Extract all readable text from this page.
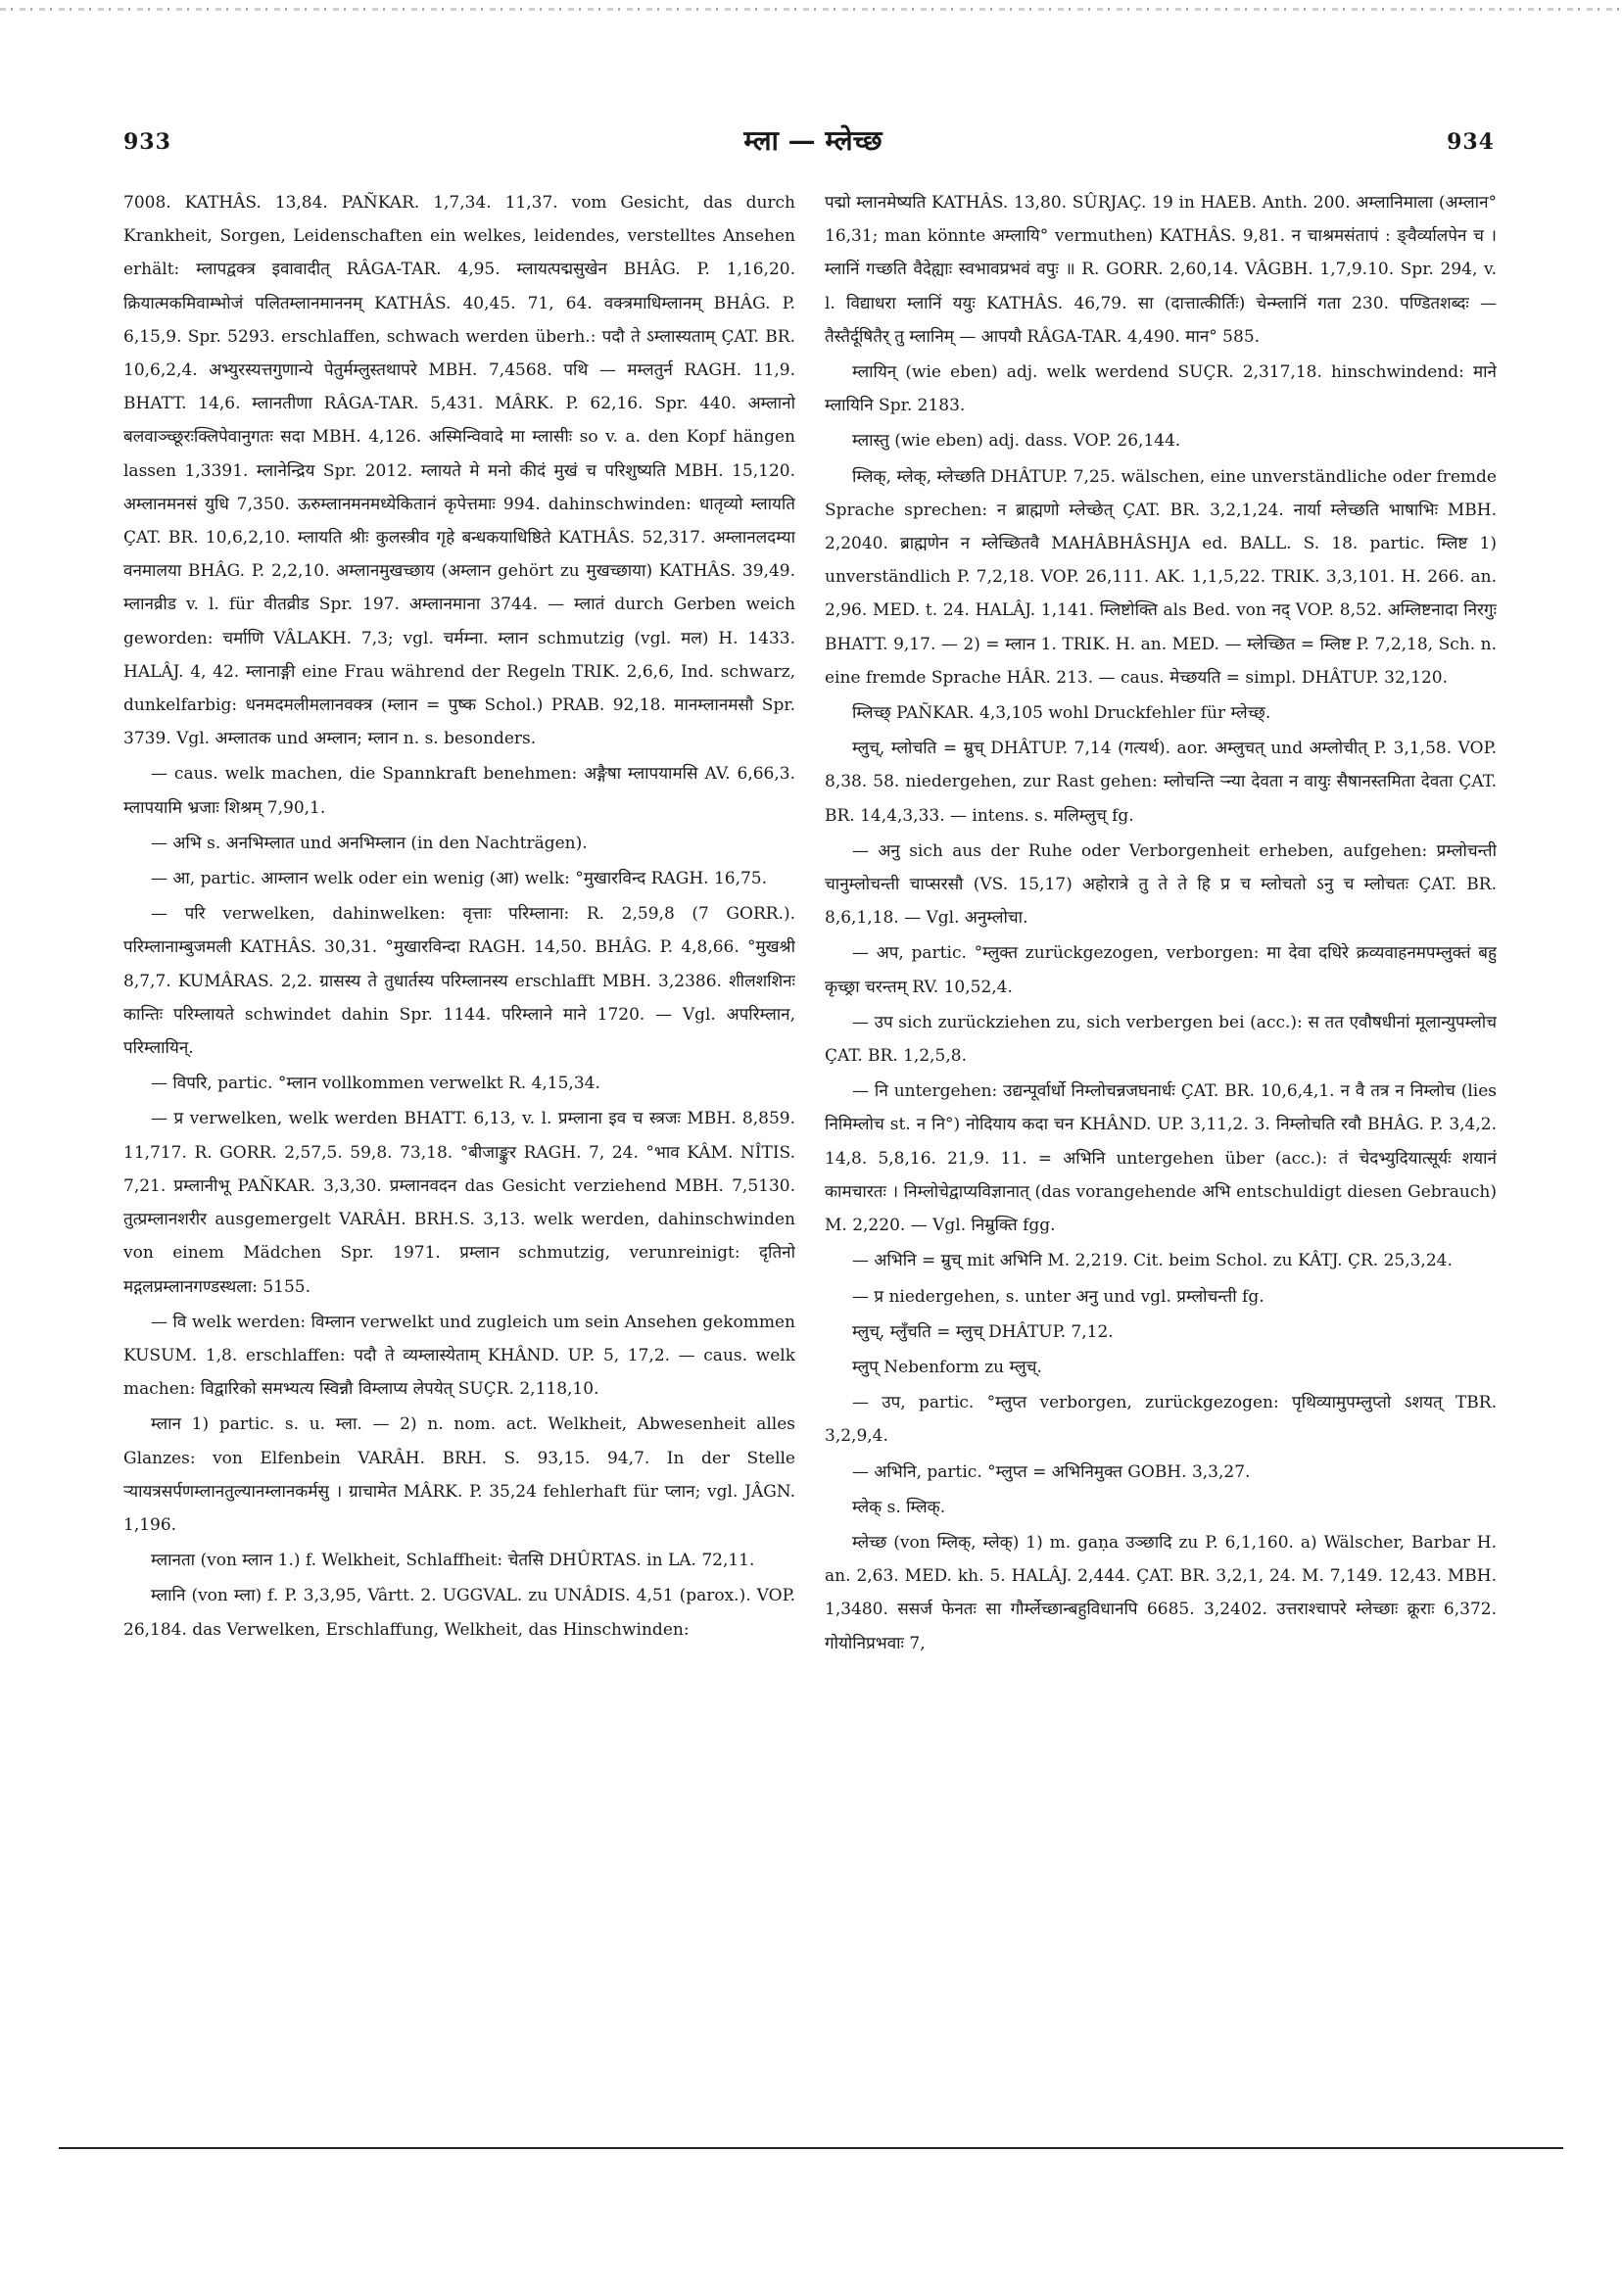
933	म्ला — म्लेच्छ	934

7008. KATHÂS. 13,84. PAÑKAR. 1,7,34. 11,37. vom Gesicht, das durch Krankheit, Sorgen, Leidenschaften ein welkes, leidendes, verstelltes Ansehen erhält: म्लापद्वक्त्र इवावादीत् RÂGA-TAR. 4,95. म्लायत्पद्मसुखेन BHÂG. P. 1,16,20. क्रियात्मकमिवाम्भोजं पलितम्लानमाननम् KATHÂS. 40,45. 71, 64. वक्त्रमाधिम्लानम् BHÂG. P. 6,15,9. Spr. 5293. erschlaffen, schwach werden überh.: पदौ ते ऽम्लास्यताम् ÇAT. BR. 10,6,2,4. अभ्युरस्यत्तगुणान्ये पेतुर्मम्लुस्तथापरे MBH. 7,4568. पथि — मम्लतुर्न RAGH. 11,9. BHATT. 14,6. म्लानतीणा RÂGA-TAR. 5,431. MÂRK. P. 62,16. Spr. 440. अम्लानो बलवाञ्च्छूरःक्लिपेवानुगतः सदा MBH. 4,126. अस्मिन्विवादे मा म्लासीः so v. a. den Kopf hängen lassen 1,3391. म्लानेन्द्रिय Spr. 2012. म्लायते मे मनो कीदं मुखं च परिशुष्यति MBH. 15,120. अम्लानमनसं युधि 7,350. ऊरुम्लानमनमध्येकितानं कृपेत्तमाः 994. dahinschwinden: धातृव्यो म्लायति ÇAT. BR. 10,6,2,10. म्लायति श्रीः कुलस्त्रीव गृहे बन्धकयाधिष्ठिते KATHÂS. 52,317. अम्लानलदम्या वनमालया BHÂG. P. 2,2,10. अम्लानमुखच्छाय (अम्लान gehört zu मुखच्छाया) KATHÂS. 39,49. म्लानव्रीड v. l. für वीतव्रीड Spr. 197. अम्लानमाना 3744. — म्लातं durch Gerben weich geworden: चर्माणि VÂLAKH. 7,3; vgl. चर्मम्ना. म्लान schmutzig (vgl. मल) H. 1433. HALÂJ. 4, 42. म्लानाङ्गी eine Frau während der Regeln TRIK. 2,6,6, Ind. schwarz, dunkelfarbig: धनमदमलीमलानवक्त्र (म्लान = पुष्क Schol.) PRAB. 92,18. मानम्लानमसौ Spr. 3739. Vgl. अम्लातक und अम्लान; म्लान n. s. besonders.

— caus. welk machen, die Spannkraft benehmen: अङ्गैषा म्लापयामसि AV. 6,66,3. म्लापयामि भ्रजाः शिश्रम् 7,90,1.

— अभि s. अनभिम्लात und अनभिम्लान (in den Nachträgen).

— आ, partic. आम्लान welk oder ein wenig (आ) welk: °मुखारविन्द RAGH. 16,75.

— परि verwelken, dahinwelken: वृत्ताः परिम्लाना: R. 2,59,8 (7 GORR.). परिम्लानाम्बुजमली KATHÂS. 30,31. °मुखारविन्दा RAGH. 14,50. BHÂG. P. 4,8,66. °मुखश्री 8,7,7. KUMÂRAS. 2,2. ग्रासस्य ते तुधार्तस्य परिम्लानस्य erschlafft MBH. 3,2386. शीलशशिनः कान्तिः परिम्लायते schwindet dahin Spr. 1144. परिम्लाने माने 1720. — Vgl. अपरिम्लान, परिम्लायिन्.

— विपरि, partic. °म्लान vollkommen verwelkt R. 4,15,34.

— प्र verwelken, welk werden BHATT. 6,13, v. l. प्रम्लाना इव च स्त्रजः MBH. 8,859. 11,717. R. GORR. 2,57,5. 59,8. 73,18. °बीजाङ्कुर RAGH. 7, 24. °भाव KÂM. NÎTIS. 7,21. प्रम्लानीभू PAÑKAR. 3,3,30. प्रम्लानवदन das Gesicht verziehend MBH. 7,5130. तुत्प्रम्लानशरीर ausgemergelt VARÂH. BRH.S. 3,13. welk werden, dahinschwinden von einem Mädchen Spr. 1971. प्रम्लान schmutzig, verunreinigt: दृतिनो मद्गलप्रम्लानगण्डस्थला: 5155.

— वि welk werden: विम्लान verwelkt und zugleich um sein Ansehen gekommen KUSUM. 1,8. erschlaffen: पदौ ते व्यम्लास्येताम् KHÂND. UP. 5, 17,2. — caus. welk machen: विद्वारिको समभ्यत्य स्विन्नौ विम्लाप्य लेपयेत् SUÇR. 2,118,10.

म्लान 1) partic. s. u. म्ला. — 2) n. nom. act. Welkheit, Abwesenheit alles Glanzes: von Elfenbein VARÂH. BRH. S. 93,15. 94,7. In der Stelle ऱ्यायत्रसर्पणम्लानतुल्यानम्लानकर्मसु । ग्राचामेत MÂRK. P. 35,24 fehlerhaft für प्लान; vgl. JÂGN. 1,196.

म्लानता (von म्लान 1.) f. Welkheit, Schlaffheit: चेतसि DHÛRTAS. in LA. 72,11.

म्लानि (von म्ला) f. P. 3,3,95, Vârtt. 2. UGGVAL. zu UNÂDIS. 4,51 (parox.). VOP. 26,184. das Verwelken, Erschlaffung, Welkheit, das Hinschwinden:

पद्मो म्लानमेष्यति KATHÂS. 13,80. SÛRJAÇ. 19 in HAEB. Anth. 200. अम्लानिमाला (अम्लान° 16,31; man könnte अम्लायि° vermuthen) KATHÂS. 9,81. न चाश्रमसंतापं : ङ्वैर्व्यालपेन च । म्लानिं गच्छति वैदेह्याः स्वभावप्रभवं वपुः ॥ R. GORR. 2,60,14. VÂGBH. 1,7,9.10. Spr. 294, v. l. विद्याधरा म्लानिं ययुः KATHÂS. 46,79. सा (दात्तात्कीर्तिः) चेन्म्लानिं गता 230. पण्डितशब्दः — तैस्तैर्दूषितैर् तु म्लानिम् — आपयौ RÂGA-TAR. 4,490. मान° 585.

म्लायिन् (wie eben) adj. welk werdend SUÇR. 2,317,18. hinschwindend: माने म्लायिनि Spr. 2183.

म्लास्तु (wie eben) adj. dass. VOP. 26,144.

म्लिक्, म्लेक्, म्लेच्छति DHÂTUP. 7,25. wälschen, eine unverständliche oder fremde Sprache sprechen: न ब्राह्मणो म्लेच्छेत् ÇAT. BR. 3,2,1,24. नार्या म्लेच्छति भाषाभिः MBH. 2,2040. ब्राह्मणेन न म्लेच्छितवै MAHÂBHÂSHJA ed. BALL. S. 18. partic. म्लिष्ट 1) unverständlich P. 7,2,18. VOP. 26,111. AK. 1,1,5,22. TRIK. 3,3,101. H. 266. an. 2,96. MED. t. 24. HALÂJ. 1,141. म्लिष्टोक्ति als Bed. von नद् VOP. 8,52. अम्लिष्टनादा निरगुः BHATT. 9,17. — 2) = म्लान 1. TRIK. H. an. MED. — म्लेच्छित = म्लिष्ट P. 7,2,18, Sch. n. eine fremde Sprache HÂR. 213. — caus. मेच्छयति = simpl. DHÂTUP. 32,120.

म्लिच्छ् PAÑKAR. 4,3,105 wohl Druckfehler für म्लेच्छ्.

म्लुच्, म्लोचति = म्रुच् DHÂTUP. 7,14 (गत्यर्थ). aor. अम्लुचत् und अम्लोचीत् P. 3,1,58. VOP. 8,38. 58. niedergehen, zur Rast gehen: म्लोचन्ति ऱ्न्या देवता न वायुः सैषानस्तमिता देवता ÇAT. BR. 14,4,3,33. — intens. s. मलिम्लुच् fg.

— अनु sich aus der Ruhe oder Verborgenheit erheben, aufgehen: प्रम्लोचन्ती चानुम्लोचन्ती चाप्सरसौ (VS. 15,17) अहोरात्रे तु ते ते हि प्र च म्लोचतो ऽनु च म्लोचतः ÇAT. BR. 8,6,1,18. — Vgl. अनुम्लोचा.

— अप, partic. °म्लुक्त zurückgezogen, verborgen: मा देवा दधिरे क्रव्यवाहनमपम्लुक्तं बहु कृच्छ्रा चरन्तम् RV. 10,52,4.

— उप sich zurückziehen zu, sich verbergen bei (acc.): स तत एवौषधीनां मूलान्युपम्लोच ÇAT. BR. 1,2,5,8.

— नि untergehen: उद्यन्पूर्वार्धो निम्लोचन्नजघनार्धः ÇAT. BR. 10,6,4,1. न वै तत्र न निम्लोच (lies निमिम्लोच st. न नि°) नोदियाय कदा चन KHÂND. UP. 3,11,2. 3. निम्लोचति रवौ BHÂG. P. 3,4,2. 14,8. 5,8,16. 21,9. 11. = अभिनि untergehen über (acc.): तं चेदभ्युदियात्सूर्यः शयानं कामचारतः । निम्लोचेद्वाप्यविज्ञानात् (das vorangehende अभि entschuldigt diesen Gebrauch) M. 2,220. — Vgl. निम्रुक्ति fgg.

— अभिनि = म्रुच् mit अभिनि M. 2,219. Cit. beim Schol. zu KÂTJ. ÇR. 25,3,24.

— प्र niedergehen, s. unter अनु und vgl. प्रम्लोचन्ती fg.

म्लुच्, म्लुँचति = म्लुच् DHÂTUP. 7,12.

म्लुप् Nebenform zu म्लुच्.

— उप, partic. °म्लुप्त verborgen, zurückgezogen: पृथिव्यामुपम्लुप्तो ऽशयत् TBR. 3,2,9,4.

— अभिनि, partic. °म्लुप्त = अभिनिमुक्त GOBH. 3,3,27.

म्लेक् s. म्लिक्.

म्लेच्छ (von म्लिक्, म्लेक्) 1) m. gaṇa उञ्छादि zu P. 6,1,160. a) Wälscher, Barbar H. an. 2,63. MED. kh. 5. HALÂJ. 2,444. ÇAT. BR. 3,2,1, 24. M. 7,149. 12,43. MBH. 1,3480. ससर्ज फेनतः सा गौर्म्लेच्छान्बहुविधानपि 6685. 3,2402. उत्तराश्चापरे म्लेच्छाः क्रूराः 6,372. गोयोनिप्रभवाः 7,
